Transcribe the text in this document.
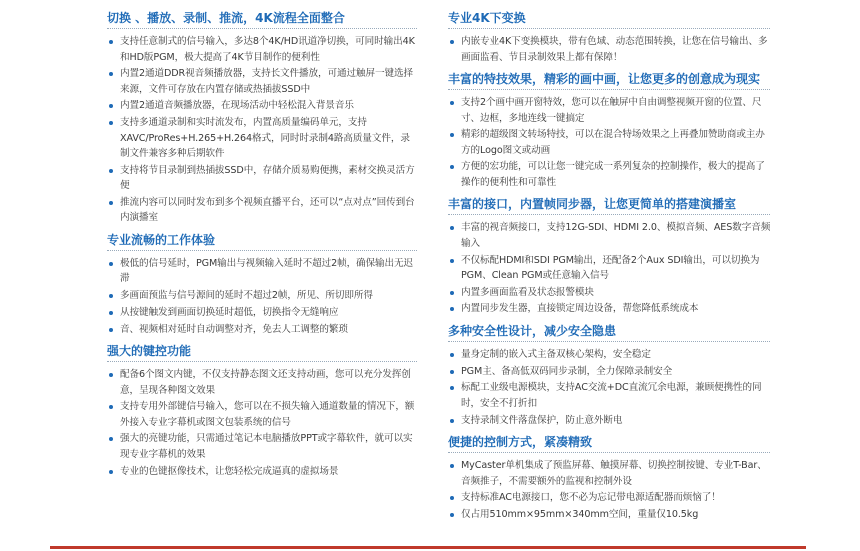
切换 、播放、录制、推流，4K流程全面整合
支持任意制式的信号输入，多达8个4K/HD讯道净切换，可同时输出4K和HD版PGM，极大提高了4K节目制作的便利性
内置2通道DDR视音频播放器，支持长文件播放，可通过触屏一键选择来源，文件可存放在内置存储或热插拔SSD中
内置2通道音频播放器，在现场活动中轻松混入背景音乐
支持多通道录制和实时流发布，内置高质量编码单元，支持XAVC/ProRes+H.265+H.264格式，同时时录制4路高质量文件，录制文件兼容多种后期软件
支持将节目录制到热插拔SSD中，存储介质易购便携，素材交换灵活方便
推流内容可以同时发布到多个视频直播平台，还可以“点对点”回传到台内演播室
专业流畅的工作体验
极低的信号延时，PGM输出与视频输入延时不超过2帧，确保输出无迟滞
多画面预监与信号源间的延时不超过2帧，所见、所切即所得
从按键触发到画面切换延时超低，切换指令无缝响应
音、视频相对延时自动调整对齐，免去人工调整的繁琐
强大的键控功能
配备6个图文内键，不仅支持静态图文还支持动画，您可以充分发挥创意，呈现各种图文效果
支持专用外部键信号输入，您可以在不损失输入通道数量的情况下，额外接入专业字幕机或图文包装系统的信号
强大的亮键功能，只需通过笔记本电脑播放PPT或字幕软件，就可以实现专业字幕机的效果
专业的色键抠像技术，让您轻松完成逼真的虚拟场景
专业4K下变换
内嵌专业4K下变换模块，带有色域、动态范围转换，让您在信号输出、多画面监看、节目录制效果上都有保障！
丰富的特技效果，精彩的画中画，让您更多的创意成为现实
支持2个画中画开窗特效，您可以在触屏中自由调整视频开窗的位置、尺寸、边框，多地连线一键搞定
精彩的超级图文转场特技，可以在混合特场效果之上再叠加赞助商或主办方的Logo图文或动画
方便的宏功能，可以让您一键完成一系列复杂的控制操作，极大的提高了操作的便利性和可靠性
丰富的接口，内置帧同步器，让您更简单的搭建演播室
丰富的视音频接口，支持12G-SDI、HDMI 2.0、模拟音频、AES数字音频输入
不仅标配HDMI和SDI PGM输出，还配备2个Aux SDI输出，可以切换为PGM、Clean PGM或任意输入信号
内置多画面监看及状态报警模块
内置同步发生器，直接锁定周边设备，帮您降低系统成本
多种安全性设计，减少安全隐患
量身定制的嵌入式主备双核心架构，安全稳定
PGM主、备高低双码同步录制，全力保障录制安全
标配工业级电源模块，支持AC交流+DC直流冗余电源，兼顾便携性的同时，安全不打折扣
支持录制文件落盘保护，防止意外断电
便捷的控制方式，紧凑精致
MyCaster单机集成了预监屏幕、触摸屏幕、切换控制按键、专业T-Bar、音频推子，不需要额外的监视和控制外设
支持标准AC电源接口，您不必为忘记带电源适配器而烦恼了！
仅占用510mm×95mm×340mm空间，重量仅10.5kg
